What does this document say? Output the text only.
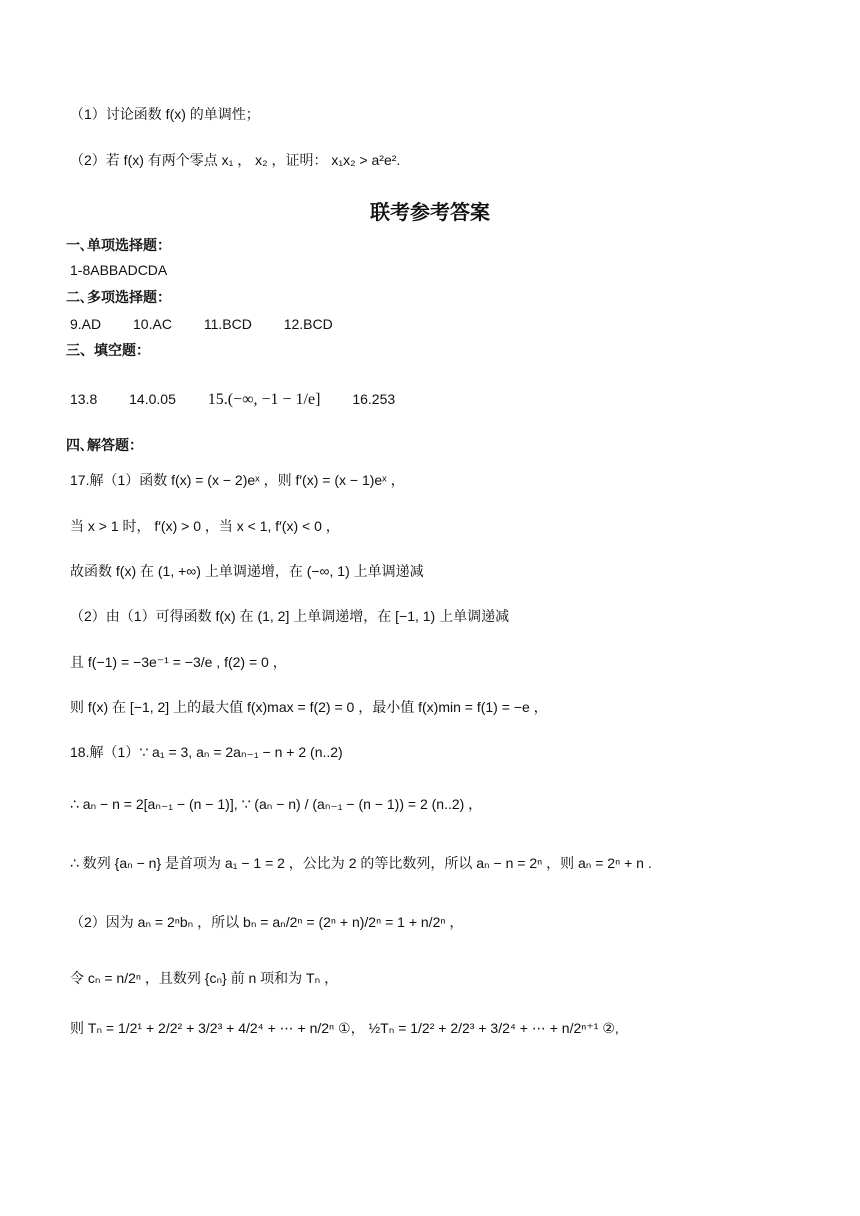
（1）讨论函数 f(x) 的单调性；
（2）若 f(x) 有两个零点 x₁ ， x₂ ，证明： x₁x₂ > a²e².
联考参考答案
一､单项选择题：
1-8ABBADCDA
二､多项选择题：
9.AD 10.AC 11.BCD 12.BCD
三、填空题：
13.8 14.0.05 15.(−∞, −1 − 1/e] 16.253
四､解答题：
17.解（1）函数 f(x) = (x − 2)eˣ ，则 f′(x) = (x − 1)eˣ ，
当 x > 1 时， f′(x) > 0 ，当 x < 1, f′(x) < 0 ，
故函数 f(x) 在 (1, +∞) 上单调递增，在 (−∞, 1) 上单调递减
（2）由（1）可得函数 f(x) 在 (1, 2] 上单调递增，在 [−1, 1) 上单调递减
且 f(−1) = −3e⁻¹ = −3/e , f(2) = 0 ，
则 f(x) 在 [−1, 2] 上的最大值 f(x)max = f(2) = 0 ，最小值 f(x)min = f(1) = −e ，
18.解（1）∵ a₁ = 3, aₙ = 2aₙ₋₁ − n + 2 (n..2)
∴ aₙ − n = 2[aₙ₋₁ − (n − 1)], ∵ (aₙ − n) / (aₙ₋₁ − (n − 1)) = 2 (n..2) ，
∴ 数列 {aₙ − n} 是首项为 a₁ − 1 = 2 ，公比为 2 的等比数列，所以 aₙ − n = 2ⁿ ，则 aₙ = 2ⁿ + n .
（2）因为 aₙ = 2ⁿbₙ ，所以 bₙ = aₙ/2ⁿ = (2ⁿ + n)/2ⁿ = 1 + n/2ⁿ ，
令 cₙ = n/2ⁿ ，且数列 {cₙ} 前 n 项和为 Tₙ ，
则 Tₙ = 1/2¹ + 2/2² + 3/2³ + 4/2⁴ + ⋯ + n/2ⁿ ①， ½Tₙ = 1/2² + 2/2³ + 3/2⁴ + ⋯ + n/2ⁿ⁺¹ ②,
